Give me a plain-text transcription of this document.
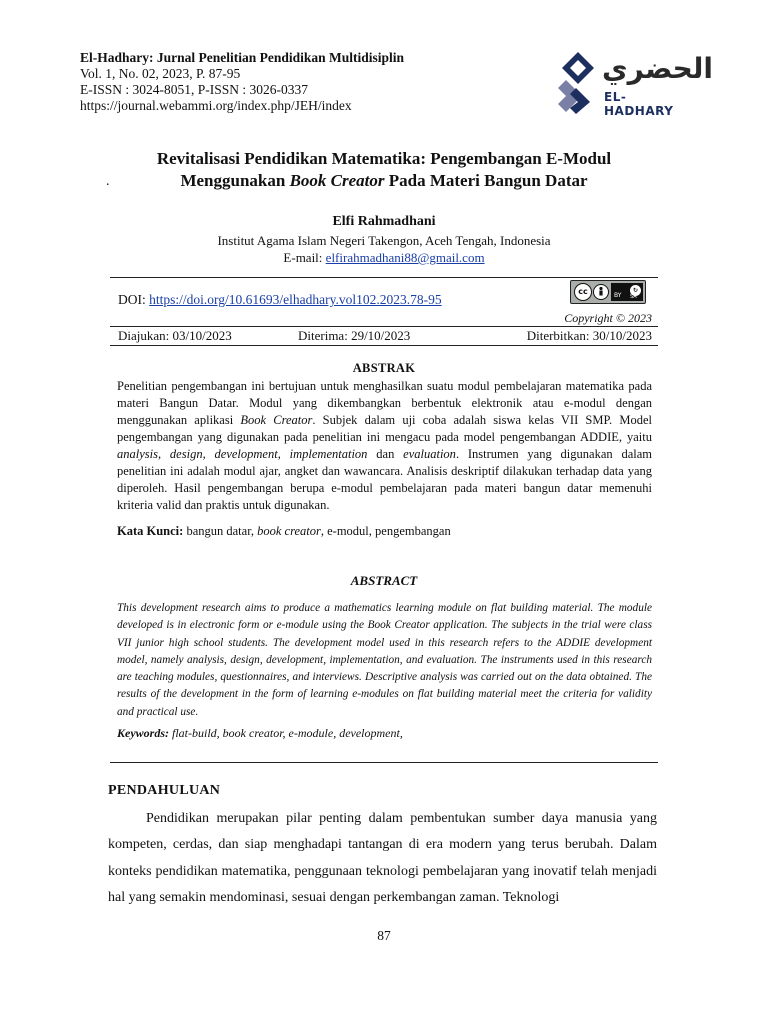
El-Hadhary: Jurnal Penelitian Pendidikan Multidisiplin
Vol. 1, No. 02, 2023, P. 87-95
E-ISSN : 3024-8051, P-ISSN : 3026-0337
https://journal.webammi.org/index.php/JEH/index
الحضري
EL-HADHARY
Revitalisasi Pendidikan Matematika: Pengembangan E-Modul
Menggunakan Book Creator Pada Materi Bangun Datar
.
Elfi Rahmadhani
Institut Agama Islam Negeri Takengon, Aceh Tengah, Indonesia
E-mail: elfirahmadhani88@gmail.com
DOI: https://doi.org/10.61693/elhadhary.vol102.2023.78-95
cc	↻
BY SA
Copyright © 2023
Diajukan: 03/10/2023	Diterima: 29/10/2023	Diterbitkan: 30/10/2023
ABSTRAK
Penelitian pengembangan ini bertujuan untuk menghasilkan suatu modul pembelajaran matematika pada materi Bangun Datar. Modul yang dikembangkan berbentuk elektronik atau e-modul dengan menggunakan aplikasi Book Creator. Subjek dalam uji coba adalah siswa kelas VII SMP. Model pengembangan yang digunakan pada penelitian ini mengacu pada model pengembangan ADDIE, yaitu analysis, design, development, implementation dan evaluation. Instrumen yang digunakan dalam penelitian ini adalah modul ajar, angket dan wawancara. Analisis deskriptif dilakukan terhadap data yang diperoleh. Hasil pengembangan berupa e-modul pembelajaran pada materi bangun datar memenuhi kriteria valid dan praktis untuk digunakan.
Kata Kunci: bangun datar, book creator, e-modul, pengembangan
ABSTRACT
This development research aims to produce a mathematics learning module on flat building material. The module developed is in electronic form or e-module using the Book Creator application. The subjects in the trial were class VII junior high school students. The development model used in this research refers to the ADDIE development model, namely analysis, design, development, implementation, and evaluation. The instruments used in this research are teaching modules, questionnaires, and interviews. Descriptive analysis was carried out on the data obtained. The results of the development in the form of learning e-modules on flat building material meet the criteria for validity and practical use.
Keywords: flat-build, book creator, e-module, development,
PENDAHULUAN
Pendidikan merupakan pilar penting dalam pembentukan sumber daya manusia yang kompeten, cerdas, dan siap menghadapi tantangan di era modern yang terus berubah. Dalam konteks pendidikan matematika, penggunaan teknologi pembelajaran yang inovatif telah menjadi hal yang semakin mendominasi, sesuai dengan perkembangan zaman. Teknologi
87
